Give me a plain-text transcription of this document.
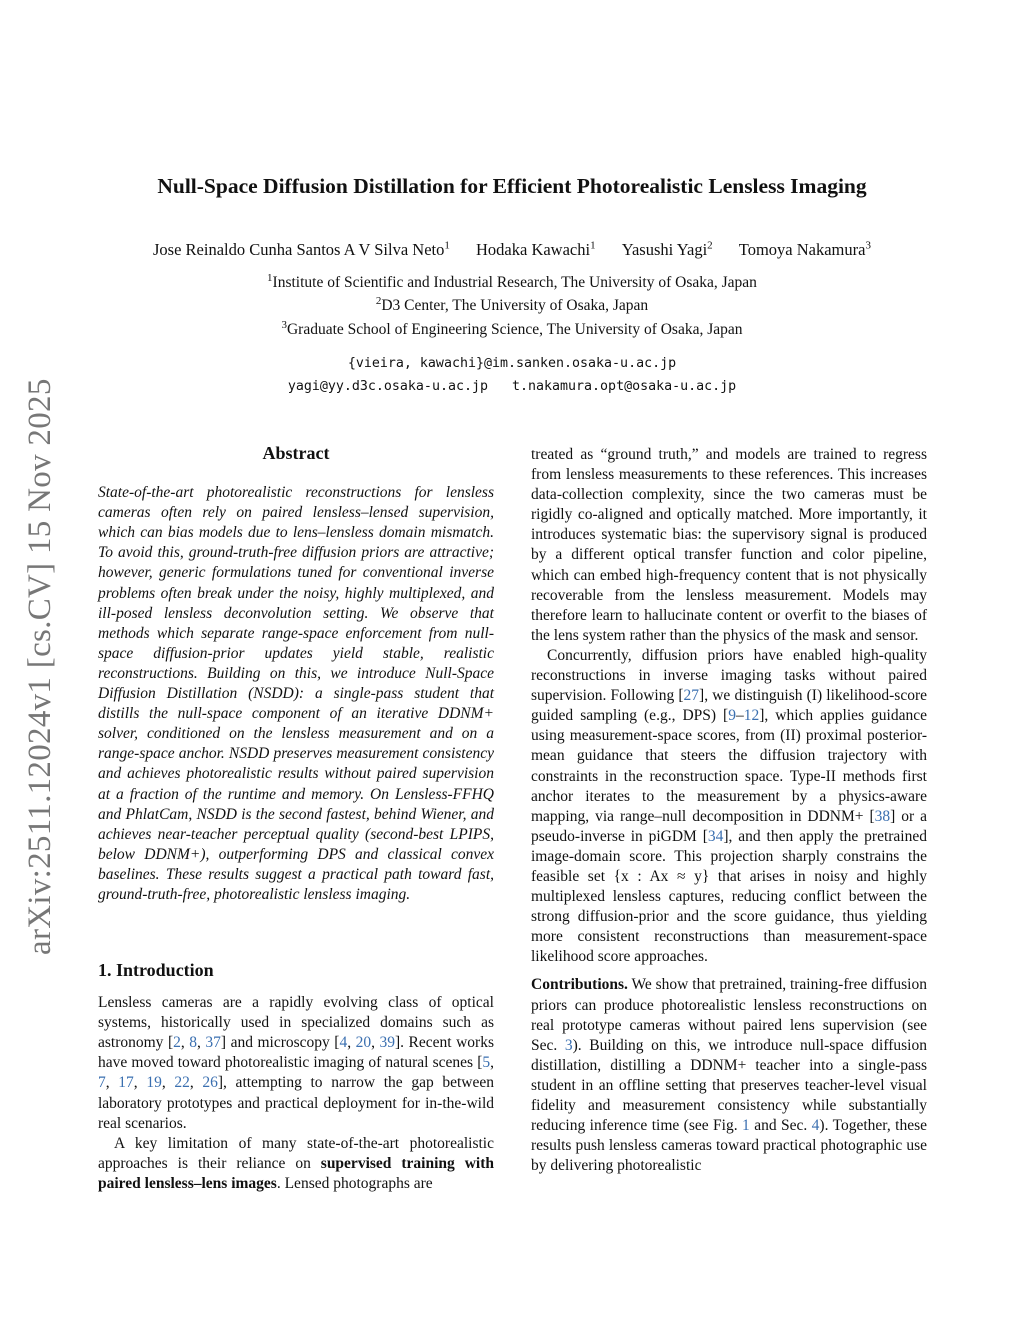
arXiv:2511.12024v1 [cs.CV] 15 Nov 2025
Null-Space Diffusion Distillation for Efficient Photorealistic Lensless Imaging
Jose Reinaldo Cunha Santos A V Silva Neto$^1$ Hodaka Kawachi$^1$ Yasushi Yagi$^2$ Tomoya Nakamura$^3$
$^1$Institute of Scientific and Industrial Research, The University of Osaka, Japan
$^2$D3 Center, The University of Osaka, Japan
$^3$Graduate School of Engineering Science, The University of Osaka, Japan
{vieira, kawachi}@im.sanken.osaka-u.ac.jp
yagi@yy.d3c.osaka-u.ac.jp   t.nakamura.opt@osaka-u.ac.jp

Abstract

State-of-the-art photorealistic reconstructions for lensless cameras often rely on paired lensless–lensed supervision, which can bias models due to lens–lensless domain mismatch. To avoid this, ground-truth-free diffusion priors are attractive; however, generic formulations tuned for conventional inverse problems often break under the noisy, highly multiplexed, and ill-posed lensless deconvolution setting. We observe that methods which separate range-space enforcement from null-space diffusion-prior updates yield stable, realistic reconstructions. Building on this, we introduce Null-Space Diffusion Distillation (NSDD): a single-pass student that distills the null-space component of an iterative DDNM+ solver, conditioned on the lensless measurement and on a range-space anchor. NSDD preserves measurement consistency and achieves photorealistic results without paired supervision at a fraction of the runtime and memory. On Lensless-FFHQ and PhlatCam, NSDD is the second fastest, behind Wiener, and achieves near-teacher perceptual quality (second-best LPIPS, below DDNM+), outperforming DPS and classical convex baselines. These results suggest a practical path toward fast, ground-truth-free, photorealistic lensless imaging.

1. Introduction

Lensless cameras are a rapidly evolving class of optical systems, historically used in specialized domains such as astronomy [2, 8, 37] and microscopy [4, 20, 39]. Recent works have moved toward photorealistic imaging of natural scenes [5, 7, 17, 19, 22, 26], attempting to narrow the gap between laboratory prototypes and practical deployment for in-the-wild real scenarios.

A key limitation of many state-of-the-art photorealistic approaches is their reliance on supervised training with paired lensless–lens images. Lensed photographs are

treated as “ground truth,” and models are trained to regress from lensless measurements to these references. This increases data-collection complexity, since the two cameras must be rigidly co-aligned and optically matched. More importantly, it introduces systematic bias: the supervisory signal is produced by a different optical transfer function and color pipeline, which can embed high-frequency content that is not physically recoverable from the lensless measurement. Models may therefore learn to hallucinate content or overfit to the biases of the lens system rather than the physics of the mask and sensor.

Concurrently, diffusion priors have enabled high-quality reconstructions in inverse imaging tasks without paired supervision. Following [27], we distinguish (I) likelihood-score guided sampling (e.g., DPS) [9–12], which applies guidance using measurement-space scores, from (II) proximal posterior-mean guidance that steers the diffusion trajectory with constraints in the reconstruction space. Type-II methods first anchor iterates to the measurement by a physics-aware mapping, via range–null decomposition in DDNM+ [38] or a pseudo-inverse in piGDM [34], and then apply the pretrained image-domain score. This projection sharply constrains the feasible set {x : Ax ≈ y} that arises in noisy and highly multiplexed lensless captures, reducing conflict between the strong diffusion-prior and the score guidance, thus yielding more consistent reconstructions than measurement-space likelihood score approaches.

Contributions. We show that pretrained, training-free diffusion priors can produce photorealistic lensless reconstructions on real prototype cameras without paired lens supervision (see Sec. 3). Building on this, we introduce null-space diffusion distillation, distilling a DDNM+ teacher into a single-pass student in an offline setting that preserves teacher-level visual fidelity and measurement consistency while substantially reducing inference time (see Fig. 1 and Sec. 4). Together, these results push lensless cameras toward practical photographic use by delivering photorealistic
